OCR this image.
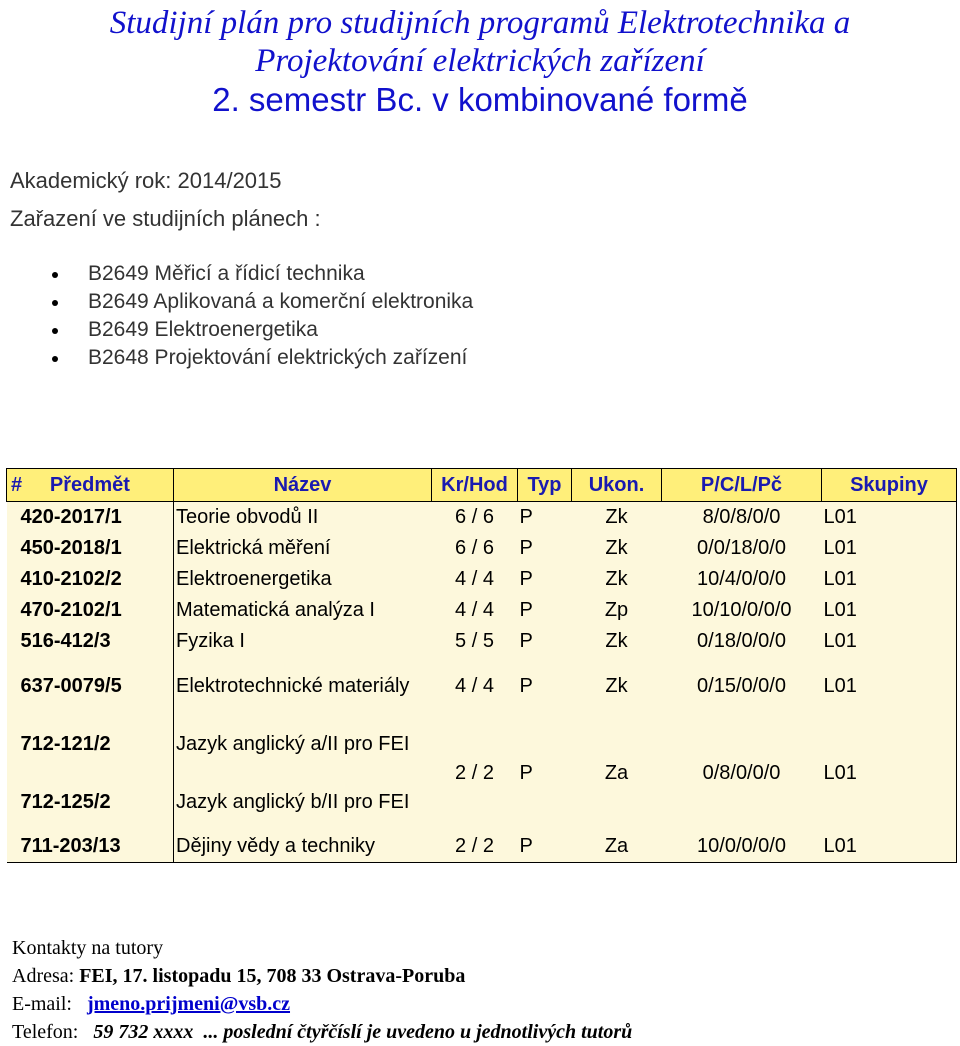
Studijní plán pro studijních programů Elektrotechnika a
Projektování elektrických zařízení
2. semestr Bc. v kombinované formě
Akademický rok: 2014/2015
Zařazení ve studijních plánech :
B2649 Měřicí a řídicí technika
B2649 Aplikovaná a komerční elektronika
B2649 Elektroenergetika
B2648 Projektování elektrických zařízení
# Předmět	Název	Kr/Hod	Typ	Ukon.	P/C/L/Pč	Skupiny
420-2017/1	Teorie obvodů II	6 / 6	P	Zk	8/0/8/0/0	L01
450-2018/1	Elektrická měření	6 / 6	P	Zk	0/0/18/0/0	L01
410-2102/2	Elektroenergetika	4 / 4	P	Zk	10/4/0/0/0	L01
470-2102/1	Matematická analýza I	4 / 4	P	Zp	10/10/0/0/0	L01
516-412/3	Fyzika I	5 / 5	P	Zk	0/18/0/0/0	L01
637-0079/5	Elektrotechnické materiály	4 / 4	P	Zk	0/15/0/0/0	L01
712-121/2	Jazyk anglický a/II pro FEI	2 / 2	P	Za	0/8/0/0/0	L01
712-125/2	Jazyk anglický b/II pro FEI					
711-203/13	Dějiny vědy a techniky	2 / 2	P	Za	10/0/0/0/0	L01
Kontakty na tutory
Adresa: FEI, 17. listopadu 15, 708 33 Ostrava-Poruba
E-mail: jmeno.prijmeni@vsb.cz
Telefon: 59 732 xxxx ... poslední čtyřčíslí je uvedeno u jednotlivých tutorů
